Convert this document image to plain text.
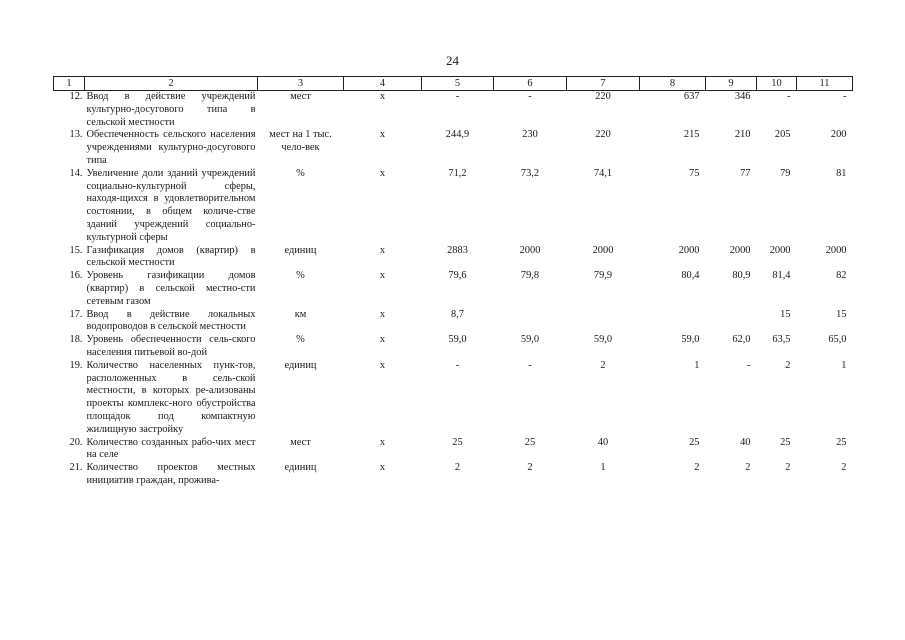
24
1	2	3	4	5	6	7	8	9	10	11
12.	Ввод в действие учреждений культурно-досугового типа в сельской местности	мест	x	-	-	220	637	346	-	-
13.	Обеспеченность сельского населения учреждениями культурно-досугового типа	мест на 1 тыс. чело-век	x	244,9	230	220	215	210	205	200
14.	Увеличение доли зданий учреждений социально-культурной сферы, находя-щихся в удовлетворительном состоянии, в общем количе-стве зданий учреждений социально-культурной сферы	%	x	71,2	73,2	74,1	75	77	79	81
15.	Газификация домов (квартир) в сельской местности	единиц	x	2883	2000	2000	2000	2000	2000	2000
16.	Уровень газификации домов (квартир) в сельской местно-сти сетевым газом	%	x	79,6	79,8	79,9	80,4	80,9	81,4	82
17.	Ввод в действие локальных водопроводов в сельской местности	км	x	8,7					15	15
18.	Уровень обеспеченности сель-ского населения питьевой во-дой	%	x	59,0	59,0	59,0	59,0	62,0	63,5	65,0
19.	Количество населенных пунк-тов, расположенных в сель-ской местности, в которых ре-ализованы проекты комплекс-ного обустройства площадок под компактную жилищную застройку	единиц	x	-	-	2	1	-	2	1
20.	Количество созданных рабо-чих мест на селе	мест	x	25	25	40	25	40	25	25
21.	Количество проектов местных инициатив граждан, прожива-	единиц	x	2	2	1	2	2	2	2
